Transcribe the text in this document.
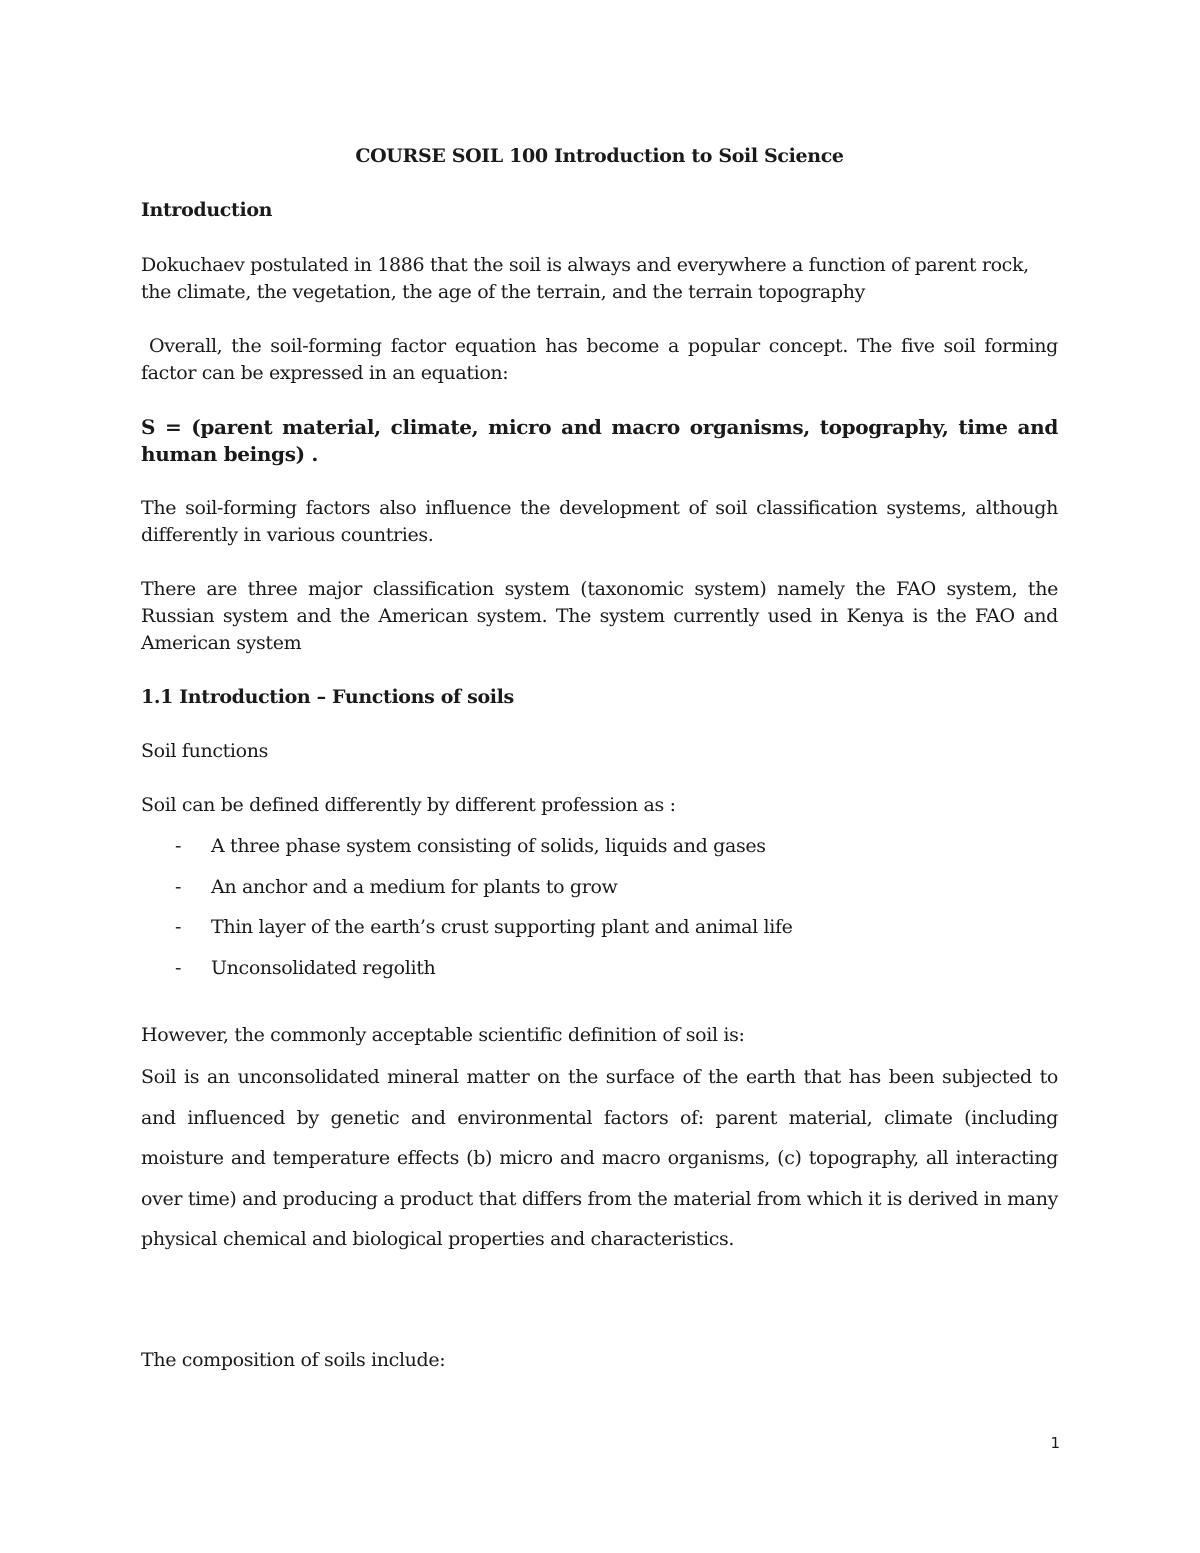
COURSE SOIL 100 Introduction to Soil Science

Introduction

Dokuchaev postulated in 1886 that the soil is always and everywhere a function of parent rock, the climate, the vegetation, the age of the terrain, and the terrain topography

Overall, the soil-forming factor equation has become a popular concept. The five soil forming factor can be expressed in an equation:

S = (parent material, climate, micro and macro organisms, topography, time and human beings) .

The soil-forming factors also influence the development of soil classification systems, although differently in various countries.

There are three major classification system (taxonomic system) namely the FAO system, the Russian system and the American system. The system currently used in Kenya is the FAO and American system

1.1 Introduction – Functions of soils

Soil functions

Soil can be defined differently by different profession as :

- A three phase system consisting of solids, liquids and gases
- An anchor and a medium for plants to grow
- Thin layer of the earth’s crust supporting plant and animal life
- Unconsolidated regolith

However, the commonly acceptable scientific definition of soil is:

Soil is an unconsolidated mineral matter on the surface of the earth that has been subjected to and influenced by genetic and environmental factors of: parent material, climate (including moisture and temperature effects (b) micro and macro organisms, (c) topography, all interacting over time) and producing a product that differs from the material from which it is derived in many physical chemical and biological properties and characteristics.

The composition of soils include:

1
